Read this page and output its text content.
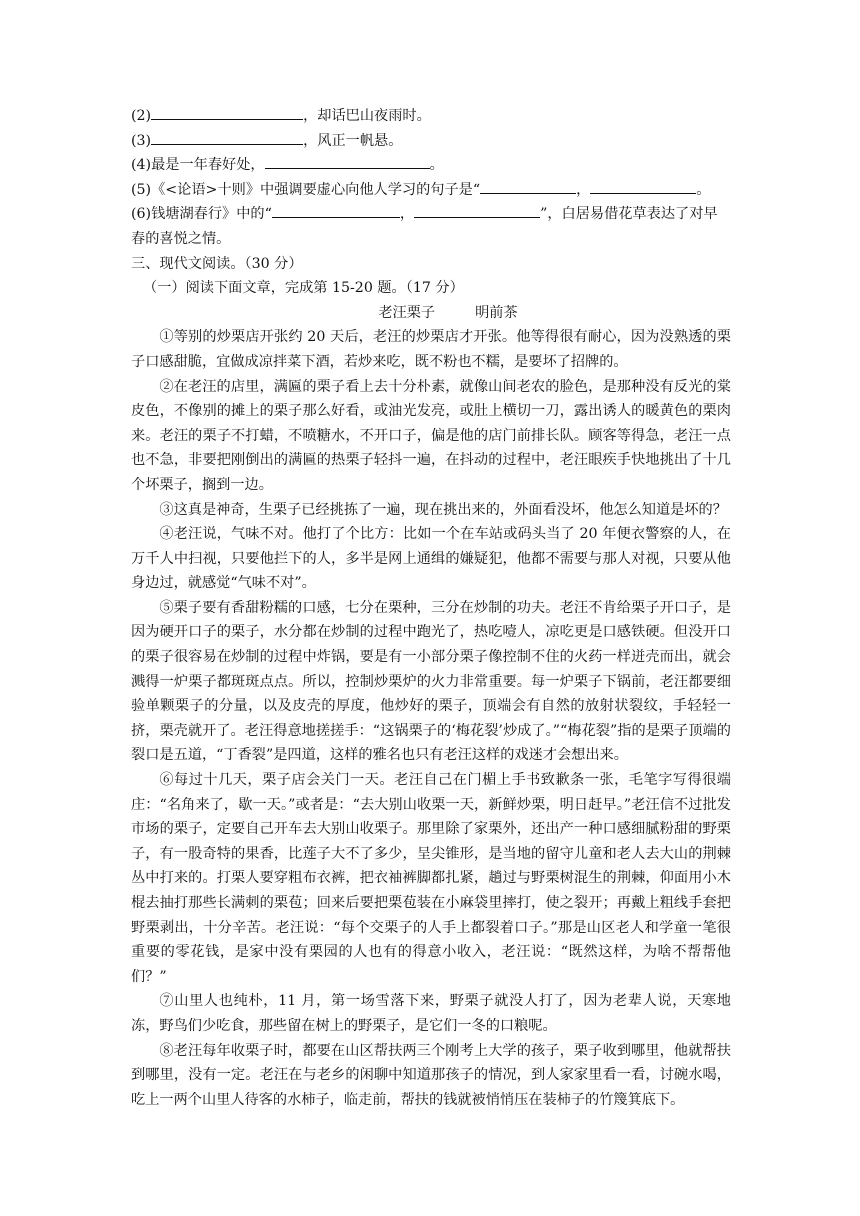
(2)	，却话巴山夜雨时。
(3)	，风正一帆悬。
(4)最是一年春好处，	。
(5)《<论语>十则》中强调要虚心向他人学习的句子是“	，	。
(6)钱塘湖春行》中的“	，	”，白居易借花草表达了对早
春的喜悦之情。
三、现代文阅读。（30 分）
（一）阅读下面文章，完成第 15-20 题。（17 分）
老汪栗子	明前茶
①等别的炒栗店开张约 20 天后，老汪的炒栗店才开张。他等得很有耐心，因为没熟透的栗子口感甜脆，宜做成凉拌菜下酒，若炒来吃，既不粉也不糯，是要坏了招牌的。
②在老汪的店里，满匾的栗子看上去十分朴素，就像山间老农的脸色，是那种没有反光的棠皮色，不像别的摊上的栗子那么好看，或油光发亮，或肚上横切一刀，露出诱人的暖黄色的栗肉来。老汪的栗子不打蜡，不喷糖水，不开口子，偏是他的店门前排长队。顾客等得急，老汪一点也不急，非要把刚倒出的满匾的热栗子轻抖一遍，在抖动的过程中，老汪眼疾手快地挑出了十几个坏栗子，搁到一边。
③这真是神奇，生栗子已经挑拣了一遍，现在挑出来的，外面看没坏，他怎么知道是坏的？
④老汪说，气味不对。他打了个比方：比如一个在车站或码头当了 20 年便衣警察的人，在万千人中扫视，只要他拦下的人，多半是网上通缉的嫌疑犯，他都不需要与那人对视，只要从他身边过，就感觉“气味不对”。
⑤栗子要有香甜粉糯的口感，七分在栗种，三分在炒制的功夫。老汪不肯给栗子开口子，是因为硬开口子的栗子，水分都在炒制的过程中跑光了，热吃噎人，凉吃更是口感铁硬。但没开口的栗子很容易在炒制的过程中炸锅，要是有一小部分栗子像控制不住的火药一样迸壳而出，就会溅得一炉栗子都斑斑点点。所以，控制炒栗炉的火力非常重要。每一炉栗子下锅前，老汪都要细验单颗栗子的分量，以及皮壳的厚度，他炒好的栗子，顶端会有自然的放射状裂纹，手轻轻一挤，栗壳就开了。老汪得意地搓搓手：“这锅栗子的‘梅花裂’炒成了。”“梅花裂”指的是栗子顶端的裂口是五道，“丁香裂”是四道，这样的雅名也只有老汪这样的戏迷才会想出来。
⑥每过十几天，栗子店会关门一天。老汪自己在门楣上手书致歉条一张，毛笔字写得很端庄：“名角来了，歇一天。”或者是：“去大别山收栗一天，新鲜炒栗，明日赶早。”老汪信不过批发市场的栗子，定要自己开车去大别山收栗子。那里除了家栗外，还出产一种口感细腻粉甜的野栗子，有一股奇特的果香，比莲子大不了多少，呈尖锥形，是当地的留守儿童和老人去大山的荆棘丛中打来的。打栗人要穿粗布衣裤，把衣袖裤脚都扎紧，趟过与野栗树混生的荆棘，仰面用小木棍去抽打那些长满刺的栗苞；回来后要把栗苞装在小麻袋里摔打，使之裂开；再戴上粗线手套把野栗剥出，十分辛苦。老汪说：“每个交栗子的人手上都裂着口子。”那是山区老人和学童一笔很重要的零花钱，是家中没有栗园的人也有的得意小收入，老汪说：“既然这样，为啥不帮帮他们？”
⑦山里人也纯朴，11 月，第一场雪落下来，野栗子就没人打了，因为老辈人说，天寒地冻，野鸟们少吃食，那些留在树上的野栗子，是它们一冬的口粮呢。
⑧老汪每年收栗子时，都要在山区帮扶两三个刚考上大学的孩子，栗子收到哪里，他就帮扶到哪里，没有一定。老汪在与老乡的闲聊中知道那孩子的情况，到人家家里看一看，讨碗水喝，吃上一两个山里人待客的水柿子，临走前，帮扶的钱就被悄悄压在装柿子的竹篾箕底下。
